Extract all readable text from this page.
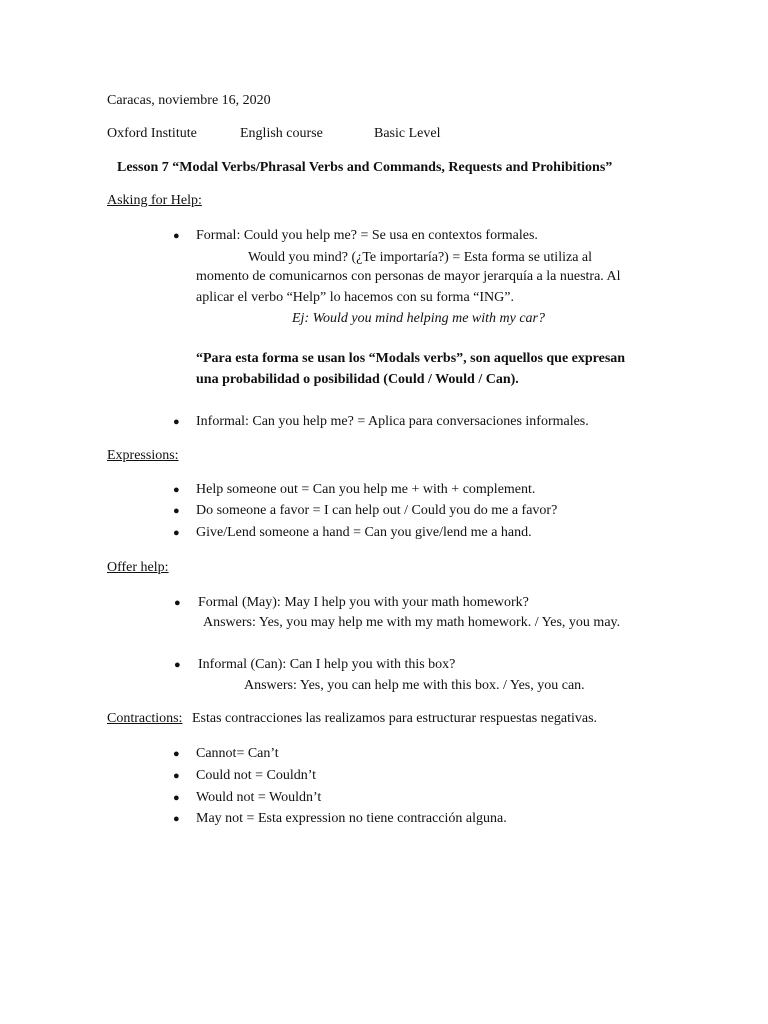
Caracas, noviembre 16, 2020
Oxford Institute	English course	Basic Level
Lesson 7 “Modal Verbs/Phrasal Verbs and Commands, Requests and Prohibitions”
Asking for Help:
● Formal: Could you help me? = Se usa en contextos formales.
Would you mind? (¿Te importaría?) = Esta forma se utiliza al
momento de comunicarnos con personas de mayor jerarquía a la nuestra. Al
aplicar el verbo “Help” lo hacemos con su forma “ING”.
Ej: Would you mind helping me with my car?
“Para esta forma se usan los “Modals verbs”, son aquellos que expresan
una probabilidad o posibilidad (Could / Would / Can).
● Informal: Can you help me? = Aplica para conversaciones informales.
Expressions:
● Help someone out = Can you help me + with + complement.
● Do someone a favor = I can help out / Could you do me a favor?
● Give/Lend someone a hand = Can you give/lend me a hand.
Offer help:
● Formal (May): May I help you with your math homework?
Answers: Yes, you may help me with my math homework. / Yes, you may.
● Informal (Can): Can I help you with this box?
Answers: Yes, you can help me with this box. / Yes, you can.
Contractions: Estas contracciones las realizamos para estructurar respuestas negativas.
● Cannot= Can’t
● Could not = Couldn’t
● Would not = Wouldn’t
● May not = Esta expression no tiene contracción alguna.
